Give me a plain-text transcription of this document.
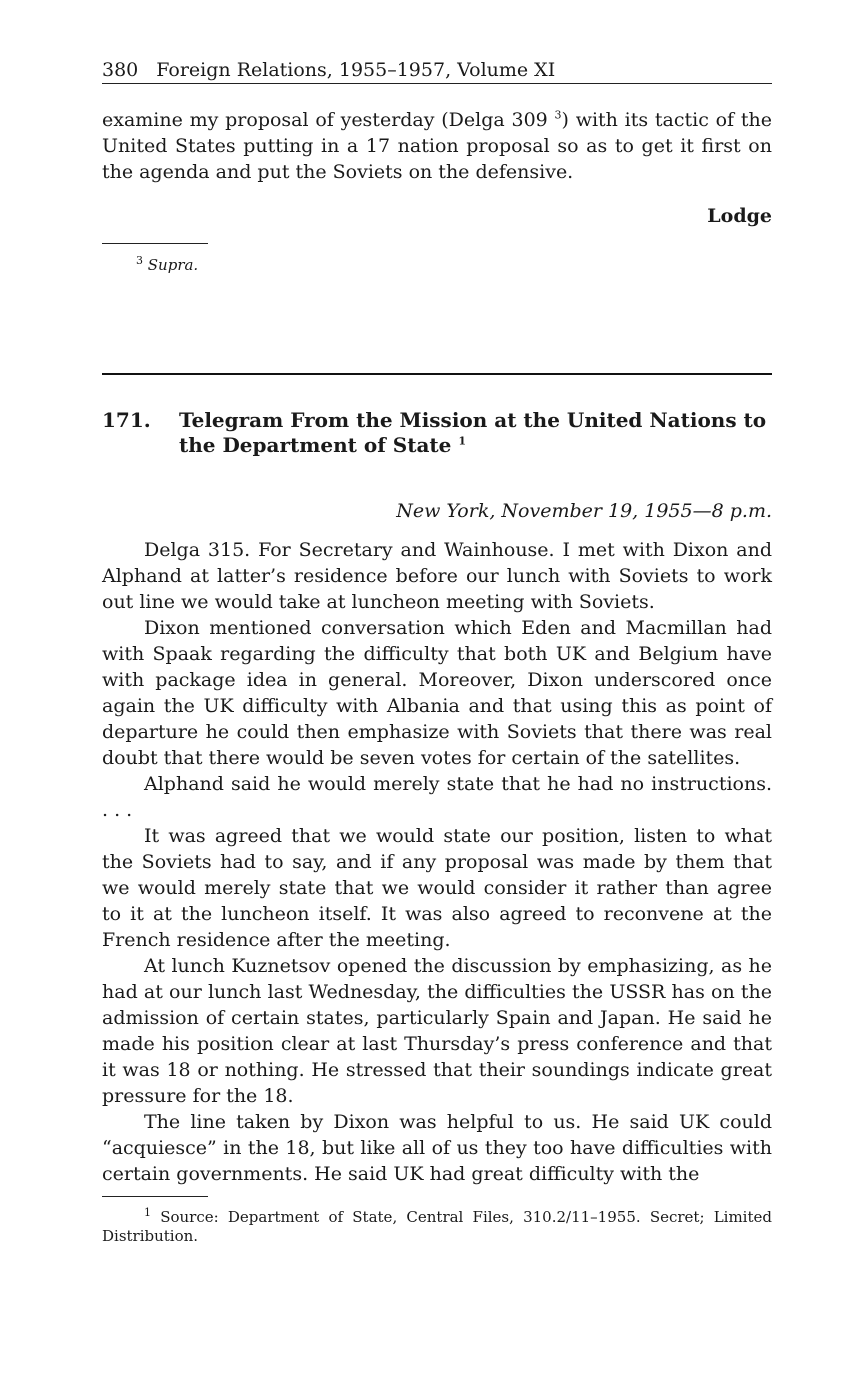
380 Foreign Relations, 1955–1957, Volume XI

examine my proposal of yesterday (Delga 309 $^3$) with its tactic of the United States putting in a 17 nation proposal so as to get it first on the agenda and put the Soviets on the defensive.

Lodge
$^3$ Supra.
171. Telegram From the Mission at the United Nations to the Department of State $^1$
New York, November 19, 1955—8 p.m.

Delga 315. For Secretary and Wainhouse. I met with Dixon and Alphand at latter’s residence before our lunch with Soviets to work out line we would take at luncheon meeting with Soviets.

Dixon mentioned conversation which Eden and Macmillan had with Spaak regarding the difficulty that both UK and Belgium have with package idea in general. Moreover, Dixon underscored once again the UK difficulty with Albania and that using this as point of departure he could then emphasize with Soviets that there was real doubt that there would be seven votes for certain of the satellites.

Alphand said he would merely state that he had no instructions. . . .

It was agreed that we would state our position, listen to what the Soviets had to say, and if any proposal was made by them that we would merely state that we would consider it rather than agree to it at the luncheon itself. It was also agreed to reconvene at the French residence after the meeting.

At lunch Kuznetsov opened the discussion by emphasizing, as he had at our lunch last Wednesday, the difficulties the USSR has on the admission of certain states, particularly Spain and Japan. He said he made his position clear at last Thursday’s press conference and that it was 18 or nothing. He stressed that their soundings indicate great pressure for the 18.

The line taken by Dixon was helpful to us. He said UK could “acquiesce” in the 18, but like all of us they too have difficulties with certain governments. He said UK had great difficulty with the

$^1$ Source: Department of State, Central Files, 310.2/11–1955. Secret; Limited Distribution.
